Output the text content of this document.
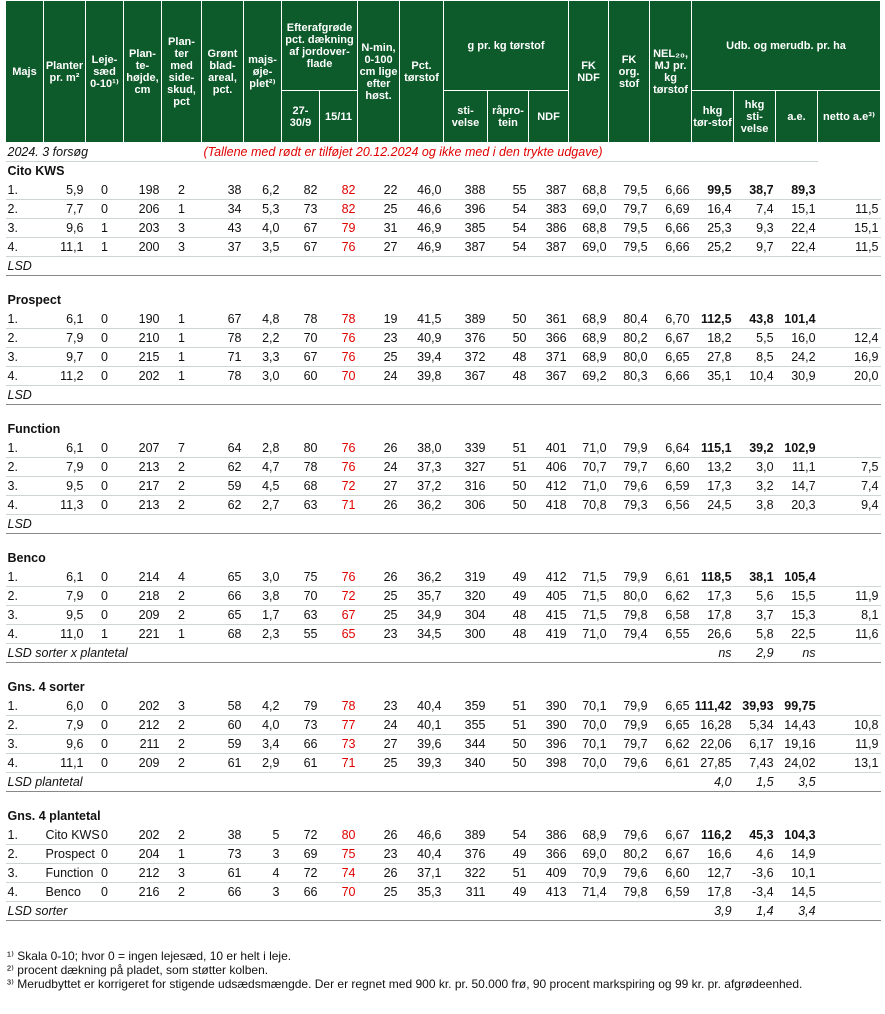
Majs	Planter pr. m²	Leje-sæd 0-10¹⁾	Plan-te-højde, cm	Plan-ter med side-skud, pct	Grønt blad-areal, pct.	majs-øje-plet²⁾	Efterafgrøde pct. dækning af jordover-flade		N-min, 0-100 cm lige efter høst.	Pct. tørstof	g pr. kg tørstof			FK NDF	FK org. stof	NEL₂₀, MJ pr. kg tørstof	Udb. og merudb. pr. ha			
							27-30/9	15/11			sti-velse	råpro-tein	NDF				hkg tør-stof	hkg sti-velse	a.e.	netto a.e³⁾
2024. 3 forsøg					(Tallene med rødt er tilføjet 20.12.2024 og ikke med i den trykte udgave)															
Cito KWS																				
1.	5,9	0	198	2	38	6,2	82	82	22	46,0	388	55	387	68,8	79,5	6,66	99,5	38,7	89,3	
2.	7,7	0	206	1	34	5,3	73	82	25	46,6	396	54	383	69,0	79,7	6,69	16,4	7,4	15,1	11,5
3.	9,6	1	203	3	43	4,0	67	79	31	46,9	385	54	386	68,8	79,5	6,66	25,3	9,3	22,4	15,1
4.	11,1	1	200	3	37	3,5	67	76	27	46,9	387	54	387	69,0	79,5	6,66	25,2	9,7	22,4	11,5
LSD																				

Prospect																				
1.	6,1	0	190	1	67	4,8	78	78	19	41,5	389	50	361	68,9	80,4	6,70	112,5	43,8	101,4	
2.	7,9	0	210	1	78	2,2	70	76	23	40,9	376	50	366	68,9	80,2	6,67	18,2	5,5	16,0	12,4
3.	9,7	0	215	1	71	3,3	67	76	25	39,4	372	48	371	68,9	80,0	6,65	27,8	8,5	24,2	16,9
4.	11,2	0	202	1	78	3,0	60	70	24	39,8	367	48	367	69,2	80,3	6,66	35,1	10,4	30,9	20,0
LSD																				

Function																				
1.	6,1	0	207	7	64	2,8	80	76	26	38,0	339	51	401	71,0	79,9	6,64	115,1	39,2	102,9	
2.	7,9	0	213	2	62	4,7	78	76	24	37,3	327	51	406	70,7	79,7	6,60	13,2	3,0	11,1	7,5
3.	9,5	0	217	2	59	4,5	68	72	27	37,2	316	50	412	71,0	79,6	6,59	17,3	3,2	14,7	7,4
4.	11,3	0	213	2	62	2,7	63	71	26	36,2	306	50	418	70,8	79,3	6,56	24,5	3,8	20,3	9,4
LSD																				

Benco																				
1.	6,1	0	214	4	65	3,0	75	76	26	36,2	319	49	412	71,5	79,9	6,61	118,5	38,1	105,4	
2.	7,9	0	218	2	66	3,8	70	72	25	35,7	320	49	405	71,5	80,0	6,62	17,3	5,6	15,5	11,9
3.	9,5	0	209	2	65	1,7	63	67	25	34,9	304	48	415	71,5	79,8	6,58	17,8	3,7	15,3	8,1
4.	11,0	1	221	1	68	2,3	55	65	23	34,5	300	48	419	71,0	79,4	6,55	26,6	5,8	22,5	11,6
LSD sorter x plantetal																	ns	2,9	ns	

Gns. 4 sorter																				
1.	6,0	0	202	3	58	4,2	79	78	23	40,4	359	51	390	70,1	79,9	6,65	111,42	39,93	99,75	
2.	7,9	0	212	2	60	4,0	73	77	24	40,1	355	51	390	70,0	79,9	6,65	16,28	5,34	14,43	10,8
3.	9,6	0	211	2	59	3,4	66	73	27	39,6	344	50	396	70,1	79,7	6,62	22,06	6,17	19,16	11,9
4.	11,1	0	209	2	61	2,9	61	71	25	39,3	340	50	398	70,0	79,6	6,61	27,85	7,43	24,02	13,1
LSD plantetal																	4,0	1,5	3,5	

Gns. 4 plantetal																				
1.	Cito KWS	0	202	2	38	5	72	80	26	46,6	389	54	386	68,9	79,6	6,67	116,2	45,3	104,3	
2.	Prospect	0	204	1	73	3	69	75	23	40,4	376	49	366	69,0	80,2	6,67	16,6	4,6	14,9	
3.	Function	0	212	3	61	4	72	74	26	37,1	322	51	409	70,9	79,6	6,60	12,7	-3,6	10,1	
4.	Benco	0	216	2	66	3	66	70	25	35,3	311	49	413	71,4	79,8	6,59	17,8	-3,4	14,5	
LSD sorter																	3,9	1,4	3,4	
¹⁾ Skala 0-10; hvor 0 = ingen lejesæd, 10 er helt i leje.
²⁾ procent dækning på pladet, som støtter kolben.
³⁾ Merudbyttet er korrigeret for stigende udsædsmængde. Der er regnet med 900 kr. pr. 50.000 frø, 90 procent markspiring og 99 kr. pr. afgrødeenhed.
